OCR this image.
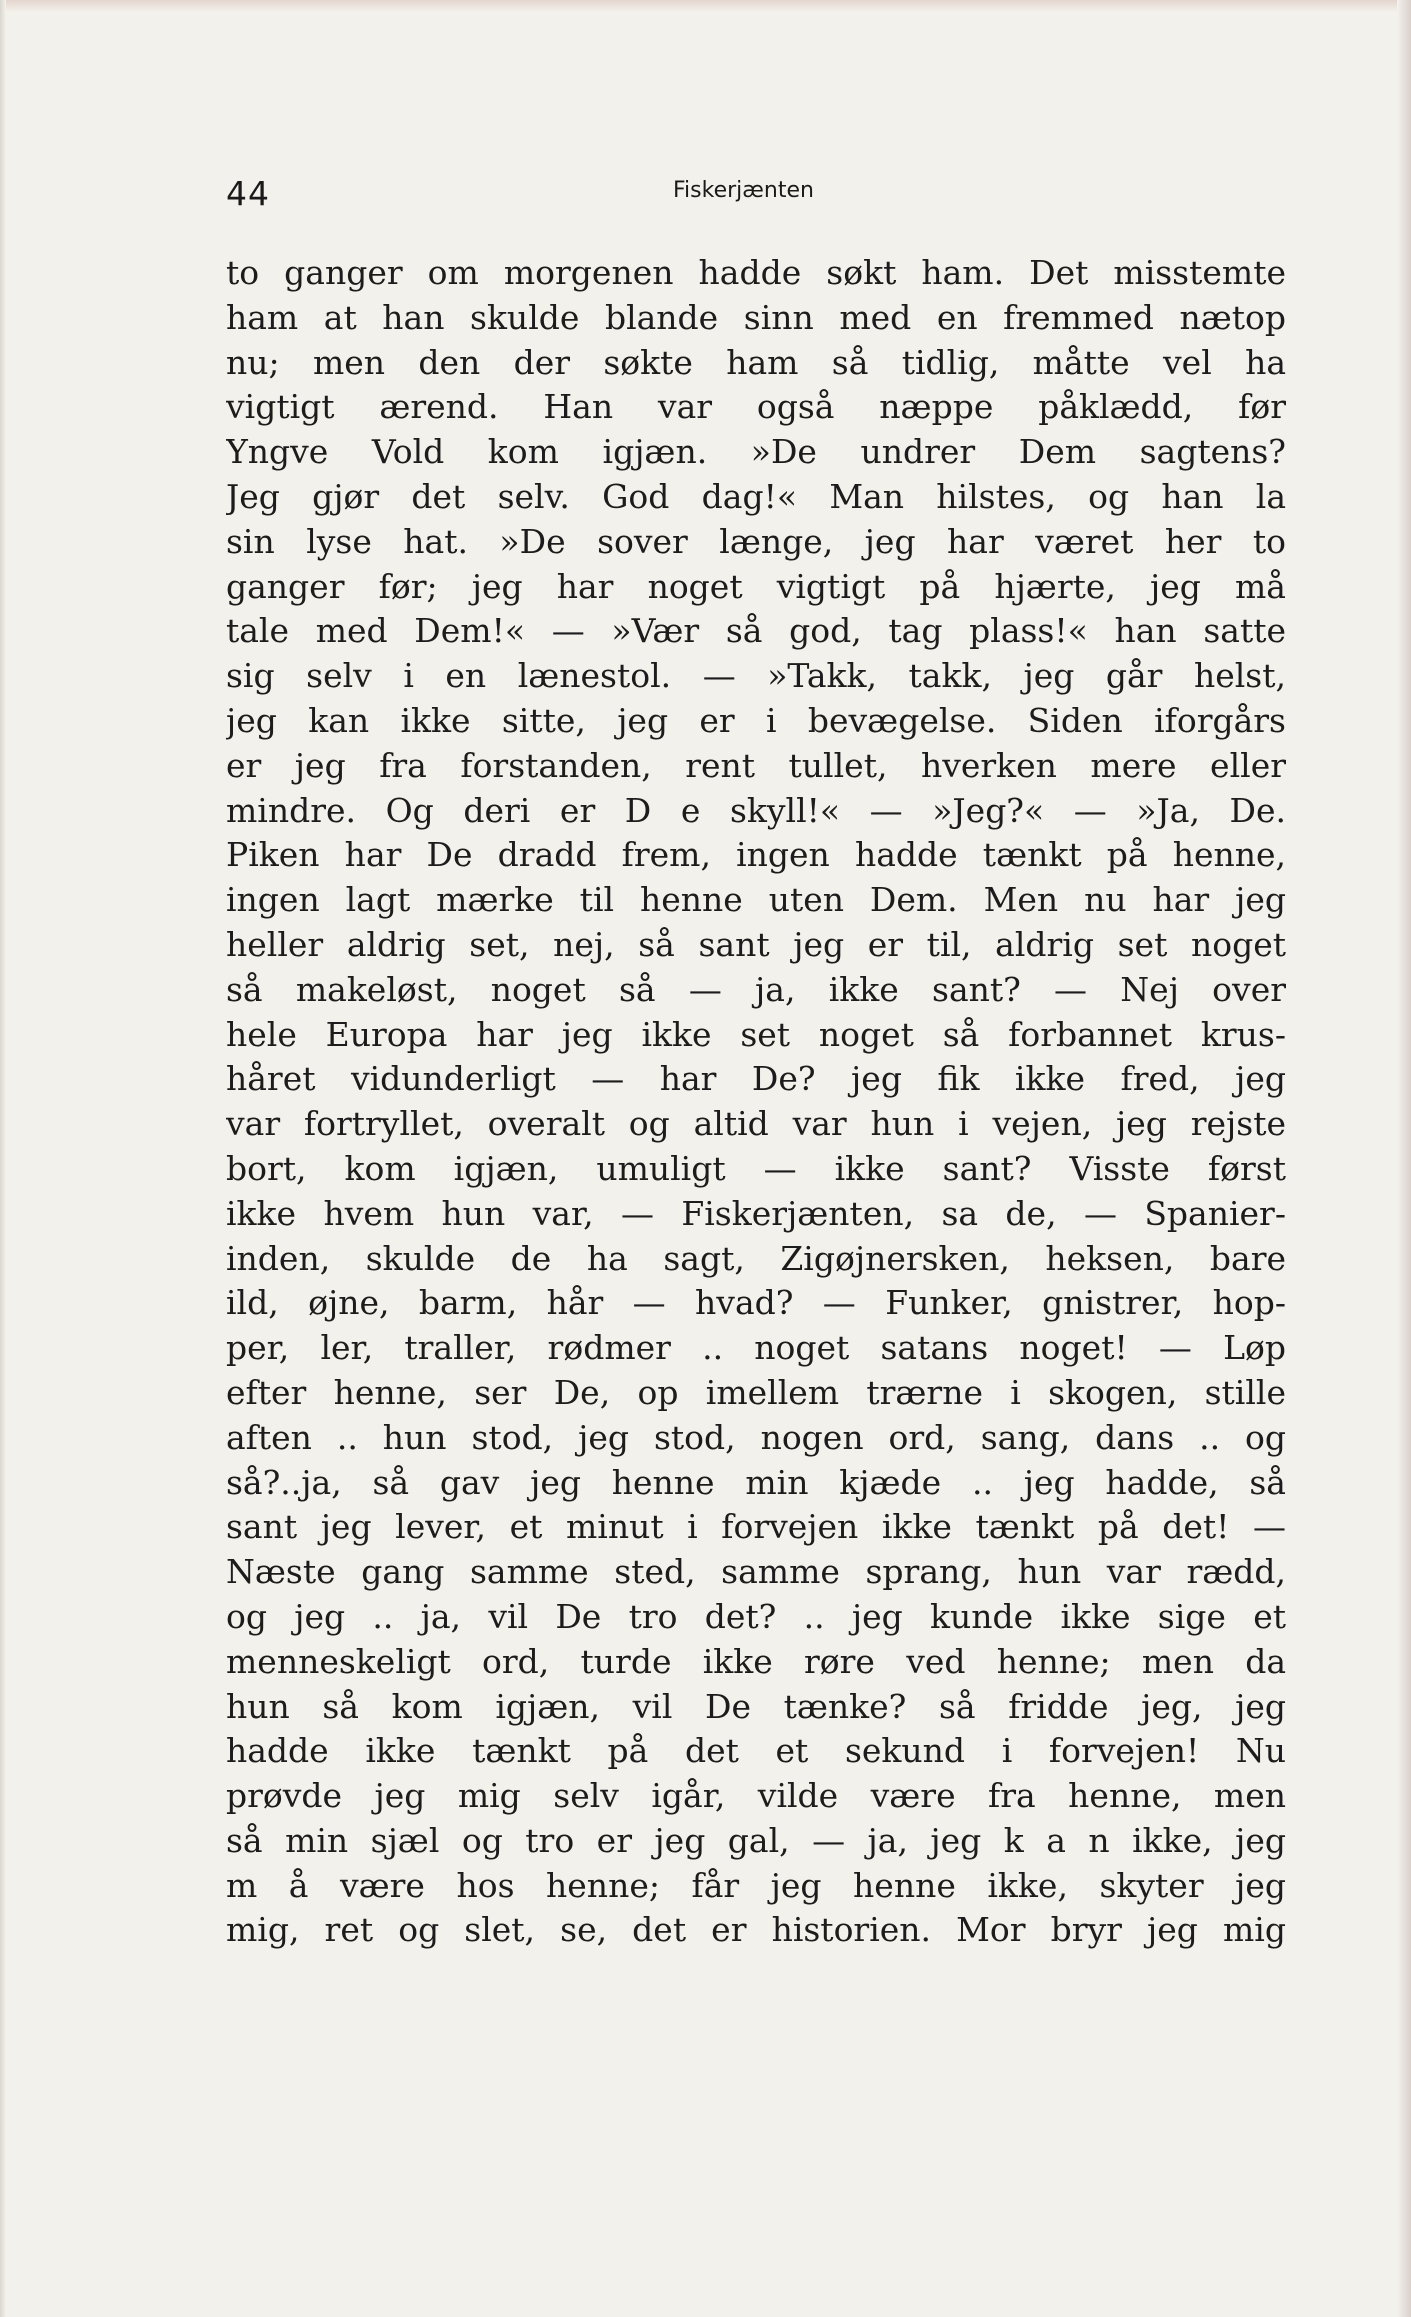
44	Fiskerjænten
to ganger om morgenen hadde søkt ham. Det misstemte
ham at han skulde blande sinn med en fremmed nætop
nu; men den der søkte ham så tidlig, måtte vel ha
vigtigt ærend. Han var også næppe påklædd, før
Yngve Vold kom igjæn. »De undrer Dem sagtens?
Jeg gjør det selv. God dag!« Man hilstes, og han la
sin lyse hat. »De sover længe, jeg har været her to
ganger før; jeg har noget vigtigt på hjærte, jeg må
tale med Dem!« — »Vær så god, tag plass!« han satte
sig selv i en lænestol. — »Takk, takk, jeg går helst,
jeg kan ikke sitte, jeg er i bevægelse. Siden iforgårs
er jeg fra forstanden, rent tullet, hverken mere eller
mindre. Og deri er D e skyll!« — »Jeg?« — »Ja, De.
Piken har De dradd frem, ingen hadde tænkt på henne,
ingen lagt mærke til henne uten Dem. Men nu har jeg
heller aldrig set, nej, så sant jeg er til, aldrig set noget
så makeløst, noget så — ja, ikke sant? — Nej over
hele Europa har jeg ikke set noget så forbannet krus-
håret vidunderligt — har De? jeg fik ikke fred, jeg
var fortryllet, overalt og altid var hun i vejen, jeg rejste
bort, kom igjæn, umuligt — ikke sant? Visste først
ikke hvem hun var, — Fiskerjænten, sa de, — Spanier-
inden, skulde de ha sagt, Zigøjnersken, heksen, bare
ild, øjne, barm, hår — hvad? — Funker, gnistrer, hop-
per, ler, traller, rødmer .. noget satans noget! — Løp
efter henne, ser De, op imellem trærne i skogen, stille
aften .. hun stod, jeg stod, nogen ord, sang, dans .. og
så?..ja, så gav jeg henne min kjæde .. jeg hadde, så
sant jeg lever, et minut i forvejen ikke tænkt på det! —
Næste gang samme sted, samme sprang, hun var rædd,
og jeg .. ja, vil De tro det? .. jeg kunde ikke sige et
menneskeligt ord, turde ikke røre ved henne; men da
hun så kom igjæn, vil De tænke? så fridde jeg, jeg
hadde ikke tænkt på det et sekund i forvejen! Nu
prøvde jeg mig selv igår, vilde være fra henne, men
så min sjæl og tro er jeg gal, — ja, jeg k a n ikke, jeg
m å være hos henne; får jeg henne ikke, skyter jeg
mig, ret og slet, se, det er historien. Mor bryr jeg mig
